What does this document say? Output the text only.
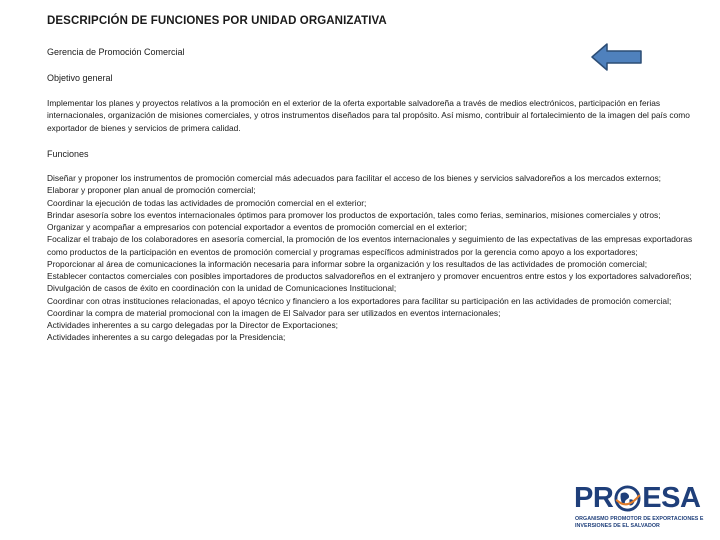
DESCRIPCIÓN DE FUNCIONES POR UNIDAD ORGANIZATIVA
Gerencia de Promoción Comercial
Objetivo general
Implementar los planes y proyectos relativos a la promoción en el exterior de la oferta exportable salvadoreña a través de medios electrónicos, participación en ferias internacionales, organización de misiones comerciales, y otros instrumentos diseñados para tal propósito. Así mismo, contribuir al fortalecimiento de la imagen del país como exportador de bienes y servicios de primera calidad.
Funciones
Diseñar y proponer los instrumentos de promoción comercial más adecuados para facilitar el acceso de los bienes y servicios salvadoreños a los mercados externos;
Elaborar y proponer plan anual de promoción comercial;
Coordinar la ejecución de todas las actividades de promoción comercial en el exterior;
Brindar asesoría sobre los eventos internacionales óptimos para promover los productos de exportación, tales como ferias, seminarios, misiones comerciales y otros;
Organizar y acompañar a empresarios con potencial exportador a eventos de promoción comercial en el exterior;
Focalizar el trabajo de los colaboradores en asesoría comercial, la promoción de los eventos internacionales y seguimiento de las expectativas de las empresas exportadoras como productos de la participación en eventos de promoción comercial y programas específicos administrados por la gerencia como apoyo a los exportadores;
Proporcionar al área de comunicaciones la información necesaria para informar sobre la organización y los resultados de las actividades de promoción comercial;
Establecer contactos comerciales con posibles importadores de productos salvadoreños en el extranjero y promover encuentros entre estos y los exportadores salvadoreños;
Divulgación de casos de éxito en coordinación con la unidad de Comunicaciones Institucional;
Coordinar con otras instituciones relacionadas, el apoyo técnico y financiero a los exportadores para facilitar su participación en las actividades de promoción comercial;
Coordinar la compra de material promocional con la imagen de El Salvador para ser utilizados en eventos internacionales;
Actividades inherentes a su cargo delegadas por la Director de Exportaciones;
Actividades inherentes a su cargo delegadas por la Presidencia;
PR ESA
ORGANISMO PROMOTOR DE EXPORTACIONES E INVERSIONES DE EL SALVADOR
